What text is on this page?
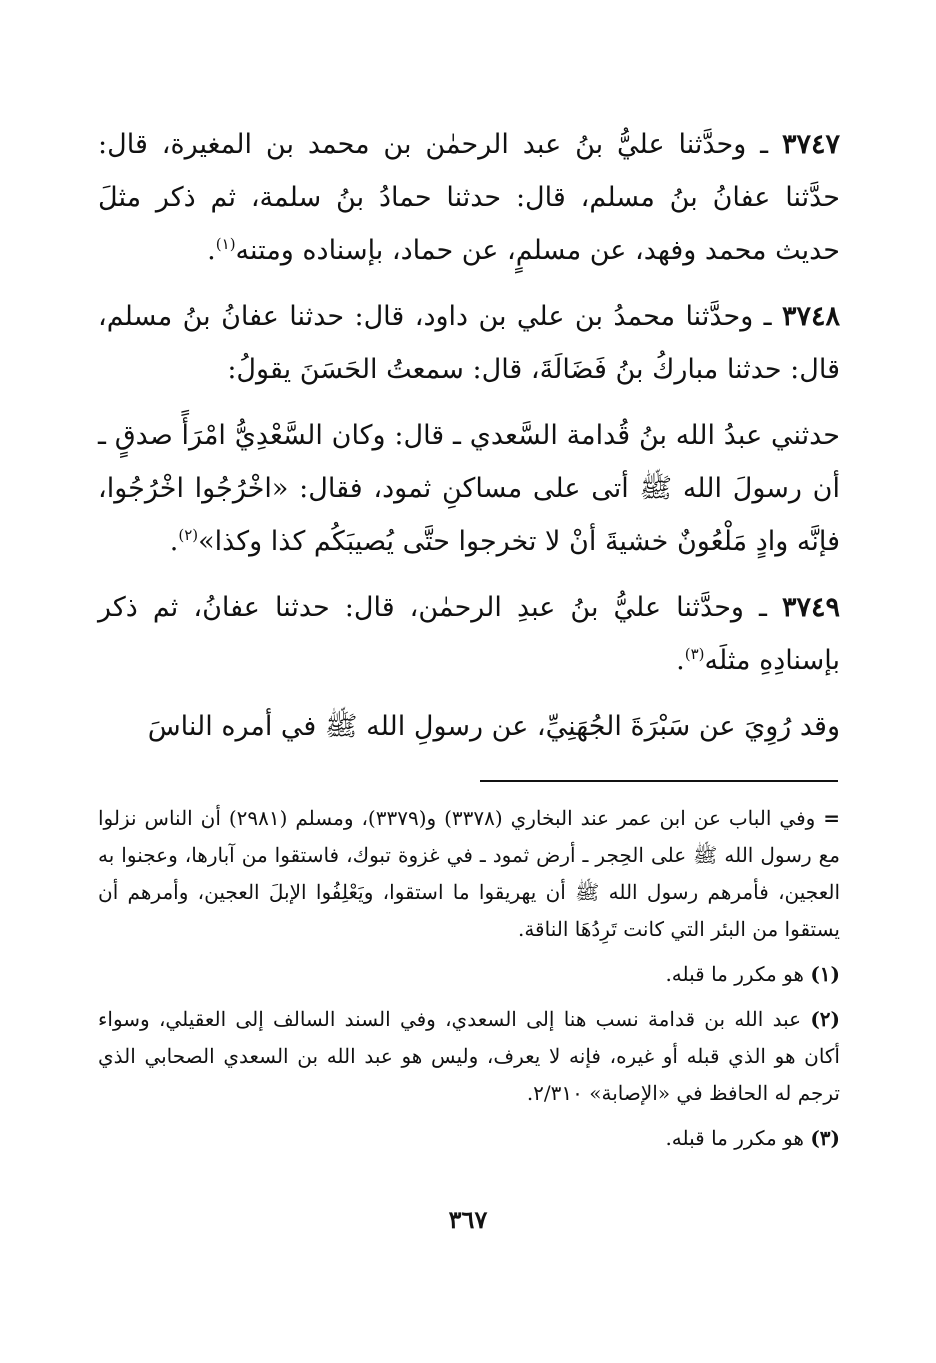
٣٧٤٧ ـ وحدَّثنا عليُّ بنُ عبد الرحمٰن بن محمد بن المغيرة، قال: حدَّثنا عفانُ بنُ مسلم، قال: حدثنا حمادُ بنُ سلمة، ثم ذكر مثلَ حديث محمد وفهد، عن مسلمٍ، عن حماد، بإسناده ومتنه$^{(١)}$.

٣٧٤٨ ـ وحدَّثنا محمدُ بن علي بن داود، قال: حدثنا عفانُ بنُ مسلم، قال: حدثنا مباركُ بنُ فَضَالَةَ، قال: سمعتُ الحَسَنَ يقولُ:

حدثني عبدُ الله بنُ قُدامة السَّعدي ـ قال: وكان السَّعْدِيُّ امْرَأً صدقٍ ـ أن رسولَ الله ﷺ أتى على مساكنِ ثمود، فقال: «اخْرُجُوا اخْرُجُوا، فإنَّه وادٍ مَلْعُونٌ خشيةَ أنْ لا تخرجوا حتَّى يُصيبَكُم كذا وكذا»$^{(٢)}$.

٣٧٤٩ ـ وحدَّثنا عليُّ بنُ عبدِ الرحمٰن، قال: حدثنا عفانُ، ثم ذكر بإسنادِهِ مثلَه$^{(٣)}$.

وقد رُوِيَ عن سَبْرَةَ الجُهَنِيِّ، عن رسولِ الله ﷺ في أمره الناسَ

= وفي الباب عن ابن عمر عند البخاري (٣٣٧٨) و(٣٣٧٩)، ومسلم (٢٩٨١) أن الناس نزلوا مع رسول الله ﷺ على الحِجر ـ أرض ثمود ـ في غزوة تبوك، فاستقوا من آبارها، وعجنوا به العجين، فأمرهم رسول الله ﷺ أن يهريقوا ما استقوا، ويَعْلِفُوا الإبلَ العجين، وأمرهم أن يستقوا من البئر التي كانت تَرِدُهَا الناقة.

(١) هو مكرر ما قبله.

(٢) عبد الله بن قدامة نسب هنا إلى السعدي، وفي السند السالف إلى العقيلي، وسواء أكان هو الذي قبله أو غيره، فإنه لا يعرف، وليس هو عبد الله بن السعدي الصحابي الذي ترجم له الحافظ في «الإصابة» ٢/٣١٠.

(٣) هو مكرر ما قبله.

٣٦٧
